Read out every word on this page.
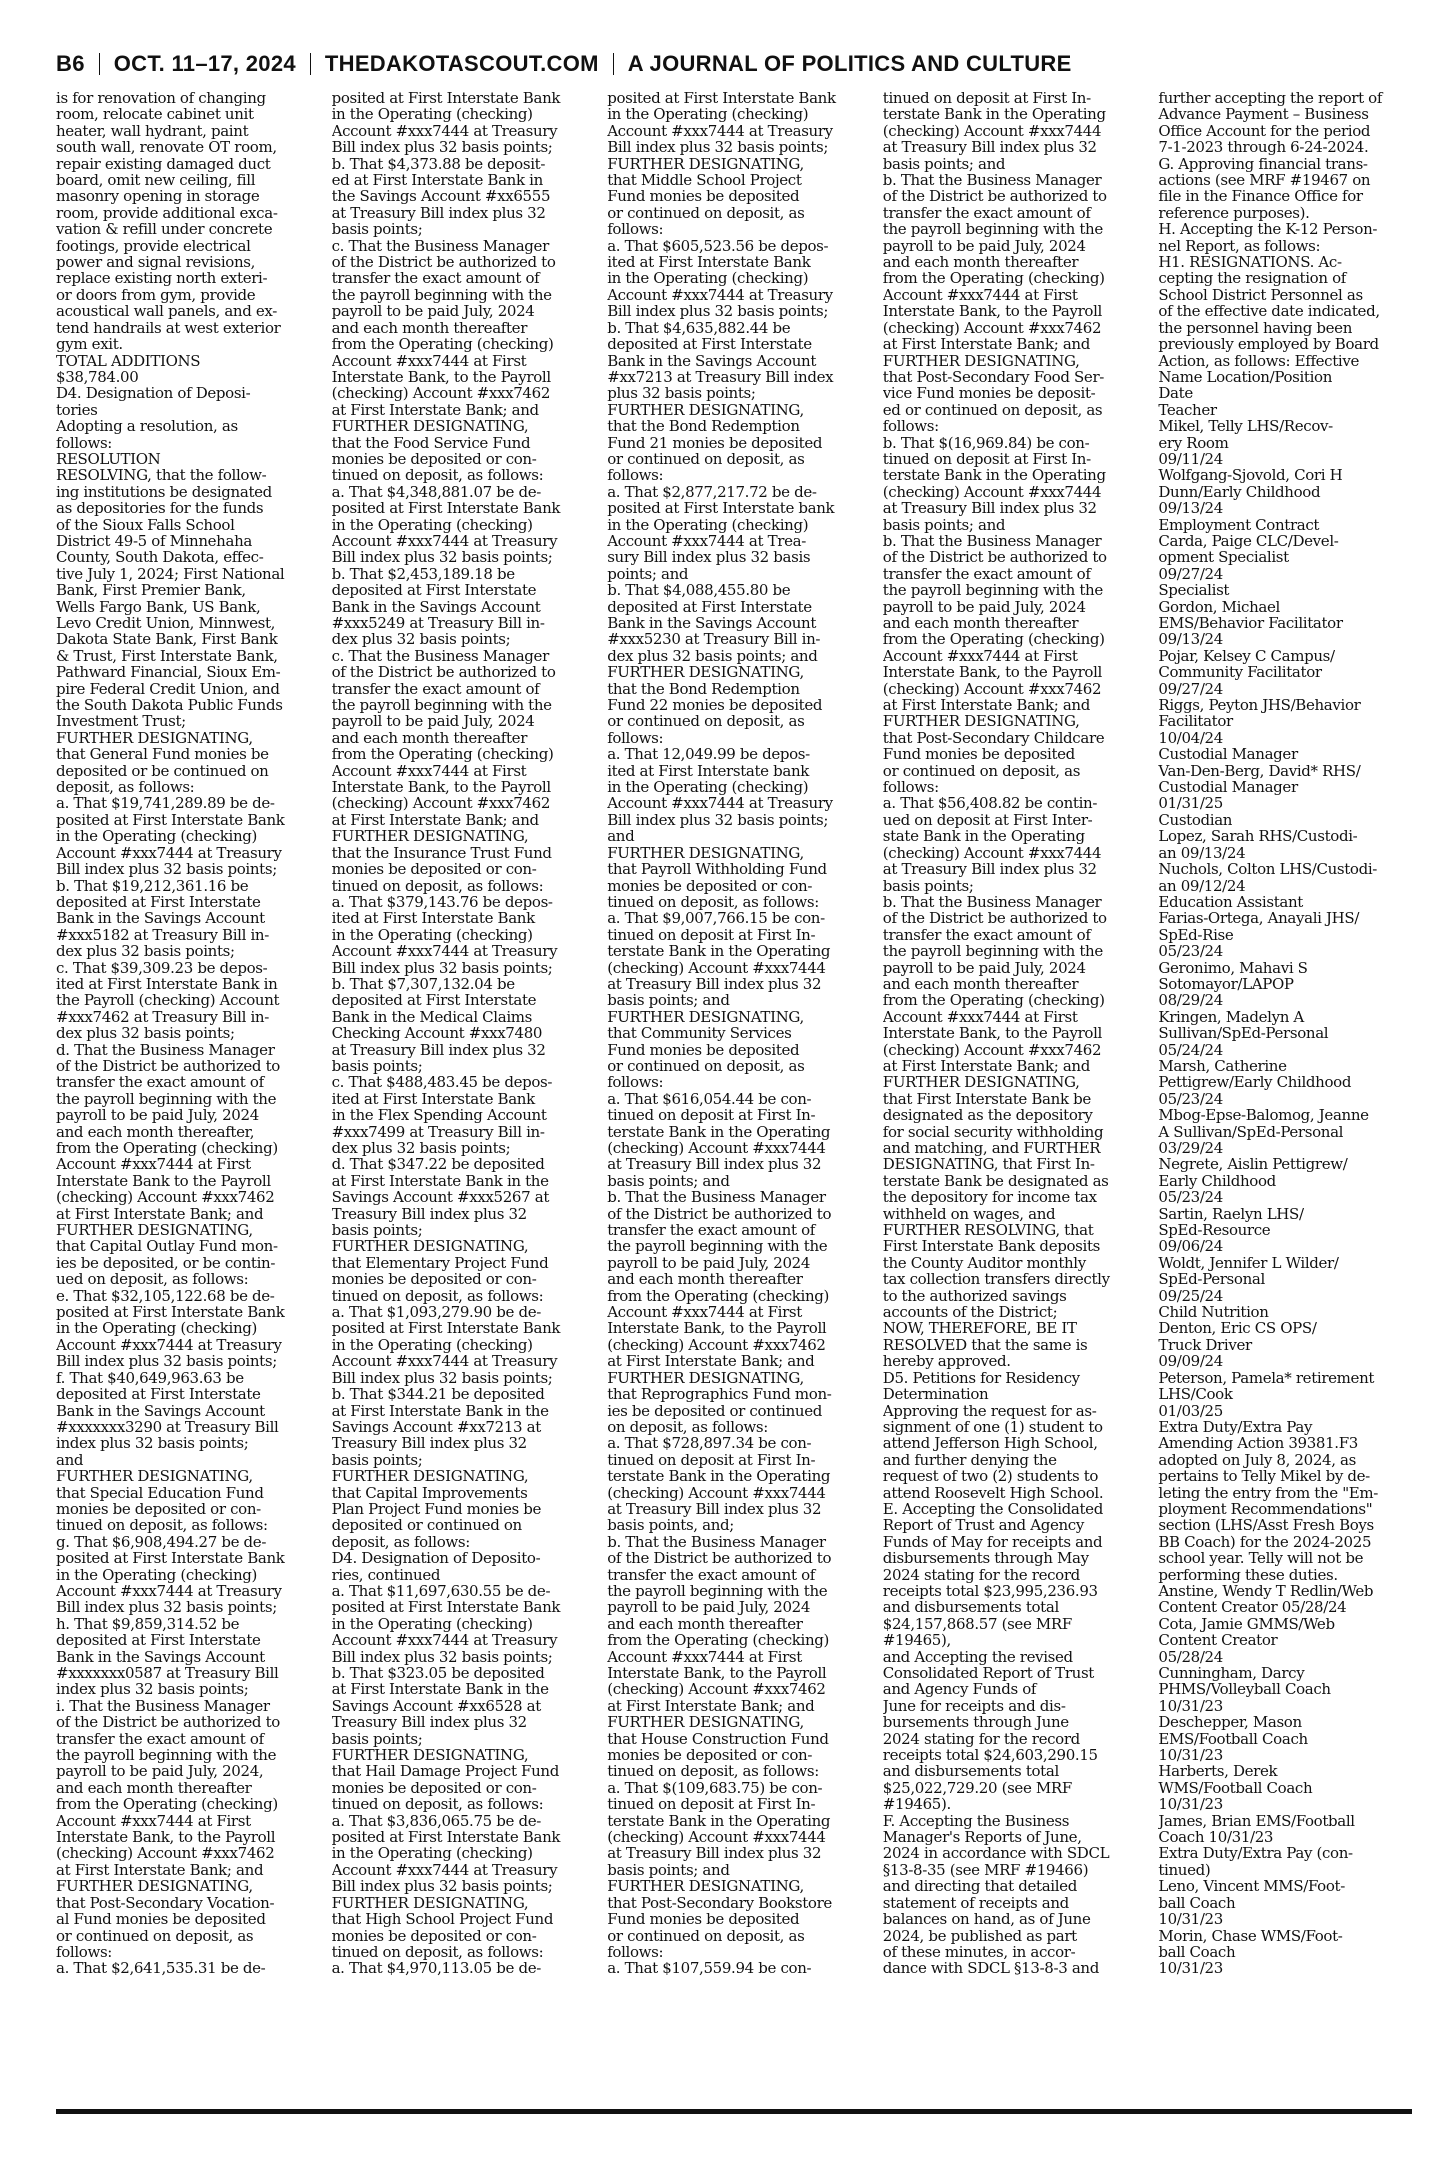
B6 OCT. 11–17, 2024 THEDAKOTASCOUT.COM A JOURNAL OF POLITICS AND CULTURE
is for renovation of changing
room, relocate cabinet unit
heater, wall hydrant, paint
south wall, renovate OT room,
repair existing damaged duct
board, omit new ceiling, fill
masonry opening in storage
room, provide additional exca-
vation & refill under concrete
footings, provide electrical
power and signal revisions,
replace existing north exteri-
or doors from gym, provide
acoustical wall panels, and ex-
tend handrails at west exterior
gym exit.
TOTAL ADDITIONS
$38,784.00
D4. Designation of Deposi-
tories
Adopting a resolution, as
follows:
RESOLUTION
RESOLVING, that the follow-
ing institutions be designated
as depositories for the funds
of the Sioux Falls School
District 49-5 of Minnehaha
County, South Dakota, effec-
tive July 1, 2024; First National
Bank, First Premier Bank,
Wells Fargo Bank, US Bank,
Levo Credit Union, Minnwest,
Dakota State Bank, First Bank
& Trust, First Interstate Bank,
Pathward Financial, Sioux Em-
pire Federal Credit Union, and
the South Dakota Public Funds
Investment Trust;
FURTHER DESIGNATING,
that General Fund monies be
deposited or be continued on
deposit, as follows:
a. That $19,741,289.89 be de-
posited at First Interstate Bank
in the Operating (checking)
Account #xxx7444 at Treasury
Bill index plus 32 basis points;
b. That $19,212,361.16 be
deposited at First Interstate
Bank in the Savings Account
#xxx5182 at Treasury Bill in-
dex plus 32 basis points;
c. That $39,309.23 be depos-
ited at First Interstate Bank in
the Payroll (checking) Account
#xxx7462 at Treasury Bill in-
dex plus 32 basis points;
d. That the Business Manager
of the District be authorized to
transfer the exact amount of
the payroll beginning with the
payroll to be paid July, 2024
and each month thereafter,
from the Operating (checking)
Account #xxx7444 at First
Interstate Bank to the Payroll
(checking) Account #xxx7462
at First Interstate Bank; and
FURTHER DESIGNATING,
that Capital Outlay Fund mon-
ies be deposited, or be contin-
ued on deposit, as follows:
e. That $32,105,122.68 be de-
posited at First Interstate Bank
in the Operating (checking)
Account #xxx7444 at Treasury
Bill index plus 32 basis points;
f. That $40,649,963.63 be
deposited at First Interstate
Bank in the Savings Account
#xxxxxxx3290 at Treasury Bill
index plus 32 basis points;
and
FURTHER DESIGNATING,
that Special Education Fund
monies be deposited or con-
tinued on deposit, as follows:
g. That $6,908,494.27 be de-
posited at First Interstate Bank
in the Operating (checking)
Account #xxx7444 at Treasury
Bill index plus 32 basis points;
h. That $9,859,314.52 be
deposited at First Interstate
Bank in the Savings Account
#xxxxxxx0587 at Treasury Bill
index plus 32 basis points;
i. That the Business Manager
of the District be authorized to
transfer the exact amount of
the payroll beginning with the
payroll to be paid July, 2024,
and each month thereafter
from the Operating (checking)
Account #xxx7444 at First
Interstate Bank, to the Payroll
(checking) Account #xxx7462
at First Interstate Bank; and
FURTHER DESIGNATING,
that Post-Secondary Vocation-
al Fund monies be deposited
or continued on deposit, as
follows:
a. That $2,641,535.31 be de-
posited at First Interstate Bank
in the Operating (checking)
Account #xxx7444 at Treasury
Bill index plus 32 basis points;
b. That $4,373.88 be deposit-
ed at First Interstate Bank in
the Savings Account #xx6555
at Treasury Bill index plus 32
basis points;
c. That the Business Manager
of the District be authorized to
transfer the exact amount of
the payroll beginning with the
payroll to be paid July, 2024
and each month thereafter
from the Operating (checking)
Account #xxx7444 at First
Interstate Bank, to the Payroll
(checking) Account #xxx7462
at First Interstate Bank; and
FURTHER DESIGNATING,
that the Food Service Fund
monies be deposited or con-
tinued on deposit, as follows:
a. That $4,348,881.07 be de-
posited at First Interstate Bank
in the Operating (checking)
Account #xxx7444 at Treasury
Bill index plus 32 basis points;
b. That $2,453,189.18 be
deposited at First Interstate
Bank in the Savings Account
#xxx5249 at Treasury Bill in-
dex plus 32 basis points;
c. That the Business Manager
of the District be authorized to
transfer the exact amount of
the payroll beginning with the
payroll to be paid July, 2024
and each month thereafter
from the Operating (checking)
Account #xxx7444 at First
Interstate Bank, to the Payroll
(checking) Account #xxx7462
at First Interstate Bank; and
FURTHER DESIGNATING,
that the Insurance Trust Fund
monies be deposited or con-
tinued on deposit, as follows:
a. That $379,143.76 be depos-
ited at First Interstate Bank
in the Operating (checking)
Account #xxx7444 at Treasury
Bill index plus 32 basis points;
b. That $7,307,132.04 be
deposited at First Interstate
Bank in the Medical Claims
Checking Account #xxx7480
at Treasury Bill index plus 32
basis points;
c. That $488,483.45 be depos-
ited at First Interstate Bank
in the Flex Spending Account
#xxx7499 at Treasury Bill in-
dex plus 32 basis points;
d. That $347.22 be deposited
at First Interstate Bank in the
Savings Account #xxx5267 at
Treasury Bill index plus 32
basis points;
FURTHER DESIGNATING,
that Elementary Project Fund
monies be deposited or con-
tinued on deposit, as follows:
a. That $1,093,279.90 be de-
posited at First Interstate Bank
in the Operating (checking)
Account #xxx7444 at Treasury
Bill index plus 32 basis points;
b. That $344.21 be deposited
at First Interstate Bank in the
Savings Account #xx7213 at
Treasury Bill index plus 32
basis points;
FURTHER DESIGNATING,
that Capital Improvements
Plan Project Fund monies be
deposited or continued on
deposit, as follows:
D4. Designation of Deposito-
ries, continued
a. That $11,697,630.55 be de-
posited at First Interstate Bank
in the Operating (checking)
Account #xxx7444 at Treasury
Bill index plus 32 basis points;
b. That $323.05 be deposited
at First Interstate Bank in the
Savings Account #xx6528 at
Treasury Bill index plus 32
basis points;
FURTHER DESIGNATING,
that Hail Damage Project Fund
monies be deposited or con-
tinued on deposit, as follows:
a. That $3,836,065.75 be de-
posited at First Interstate Bank
in the Operating (checking)
Account #xxx7444 at Treasury
Bill index plus 32 basis points;
FURTHER DESIGNATING,
that High School Project Fund
monies be deposited or con-
tinued on deposit, as follows:
a. That $4,970,113.05 be de-
posited at First Interstate Bank
in the Operating (checking)
Account #xxx7444 at Treasury
Bill index plus 32 basis points;
FURTHER DESIGNATING,
that Middle School Project
Fund monies be deposited
or continued on deposit, as
follows:
a. That $605,523.56 be depos-
ited at First Interstate Bank
in the Operating (checking)
Account #xxx7444 at Treasury
Bill index plus 32 basis points;
b. That $4,635,882.44 be
deposited at First Interstate
Bank in the Savings Account
#xx7213 at Treasury Bill index
plus 32 basis points;
FURTHER DESIGNATING,
that the Bond Redemption
Fund 21 monies be deposited
or continued on deposit, as
follows:
a. That $2,877,217.72 be de-
posited at First Interstate bank
in the Operating (checking)
Account #xxx7444 at Trea-
sury Bill index plus 32 basis
points; and
b. That $4,088,455.80 be
deposited at First Interstate
Bank in the Savings Account
#xxx5230 at Treasury Bill in-
dex plus 32 basis points; and
FURTHER DESIGNATING,
that the Bond Redemption
Fund 22 monies be deposited
or continued on deposit, as
follows:
a. That 12,049.99 be depos-
ited at First Interstate bank
in the Operating (checking)
Account #xxx7444 at Treasury
Bill index plus 32 basis points;
and
FURTHER DESIGNATING,
that Payroll Withholding Fund
monies be deposited or con-
tinued on deposit, as follows:
a. That $9,007,766.15 be con-
tinued on deposit at First In-
terstate Bank in the Operating
(checking) Account #xxx7444
at Treasury Bill index plus 32
basis points; and
FURTHER DESIGNATING,
that Community Services
Fund monies be deposited
or continued on deposit, as
follows:
a. That $616,054.44 be con-
tinued on deposit at First In-
terstate Bank in the Operating
(checking) Account #xxx7444
at Treasury Bill index plus 32
basis points; and
b. That the Business Manager
of the District be authorized to
transfer the exact amount of
the payroll beginning with the
payroll to be paid July, 2024
and each month thereafter
from the Operating (checking)
Account #xxx7444 at First
Interstate Bank, to the Payroll
(checking) Account #xxx7462
at First Interstate Bank; and
FURTHER DESIGNATING,
that Reprographics Fund mon-
ies be deposited or continued
on deposit, as follows:
a. That $728,897.34 be con-
tinued on deposit at First In-
terstate Bank in the Operating
(checking) Account #xxx7444
at Treasury Bill index plus 32
basis points, and;
b. That the Business Manager
of the District be authorized to
transfer the exact amount of
the payroll beginning with the
payroll to be paid July, 2024
and each month thereafter
from the Operating (checking)
Account #xxx7444 at First
Interstate Bank, to the Payroll
(checking) Account #xxx7462
at First Interstate Bank; and
FURTHER DESIGNATING,
that House Construction Fund
monies be deposited or con-
tinued on deposit, as follows:
a. That $(109,683.75) be con-
tinued on deposit at First In-
terstate Bank in the Operating
(checking) Account #xxx7444
at Treasury Bill index plus 32
basis points; and
FURTHER DESIGNATING,
that Post-Secondary Bookstore
Fund monies be deposited
or continued on deposit, as
follows:
a. That $107,559.94 be con-
tinued on deposit at First In-
terstate Bank in the Operating
(checking) Account #xxx7444
at Treasury Bill index plus 32
basis points; and
b. That the Business Manager
of the District be authorized to
transfer the exact amount of
the payroll beginning with the
payroll to be paid July, 2024
and each month thereafter
from the Operating (checking)
Account #xxx7444 at First
Interstate Bank, to the Payroll
(checking) Account #xxx7462
at First Interstate Bank; and
FURTHER DESIGNATING,
that Post-Secondary Food Ser-
vice Fund monies be deposit-
ed or continued on deposit, as
follows:
b. That $(16,969.84) be con-
tinued on deposit at First In-
terstate Bank in the Operating
(checking) Account #xxx7444
at Treasury Bill index plus 32
basis points; and
b. That the Business Manager
of the District be authorized to
transfer the exact amount of
the payroll beginning with the
payroll to be paid July, 2024
and each month thereafter
from the Operating (checking)
Account #xxx7444 at First
Interstate Bank, to the Payroll
(checking) Account #xxx7462
at First Interstate Bank; and
FURTHER DESIGNATING,
that Post-Secondary Childcare
Fund monies be deposited
or continued on deposit, as
follows:
a. That $56,408.82 be contin-
ued on deposit at First Inter-
state Bank in the Operating
(checking) Account #xxx7444
at Treasury Bill index plus 32
basis points;
b. That the Business Manager
of the District be authorized to
transfer the exact amount of
the payroll beginning with the
payroll to be paid July, 2024
and each month thereafter
from the Operating (checking)
Account #xxx7444 at First
Interstate Bank, to the Payroll
(checking) Account #xxx7462
at First Interstate Bank; and
FURTHER DESIGNATING,
that First Interstate Bank be
designated as the depository
for social security withholding
and matching, and FURTHER
DESIGNATING, that First In-
terstate Bank be designated as
the depository for income tax
withheld on wages, and
FURTHER RESOLVING, that
First Interstate Bank deposits
the County Auditor monthly
tax collection transfers directly
to the authorized savings
accounts of the District;
NOW, THEREFORE, BE IT
RESOLVED that the same is
hereby approved.
D5. Petitions for Residency
Determination
Approving the request for as-
signment of one (1) student to
attend Jefferson High School,
and further denying the
request of two (2) students to
attend Roosevelt High School.
E. Accepting the Consolidated
Report of Trust and Agency
Funds of May for receipts and
disbursements through May
2024 stating for the record
receipts total $23,995,236.93
and disbursements total
$24,157,868.57 (see MRF
#19465),
and Accepting the revised
Consolidated Report of Trust
and Agency Funds of
June for receipts and dis-
bursements through June
2024 stating for the record
receipts total $24,603,290.15
and disbursements total
$25,022,729.20 (see MRF
#19465).
F. Accepting the Business
Manager's Reports of June,
2024 in accordance with SDCL
§13-8-35 (see MRF #19466)
and directing that detailed
statement of receipts and
balances on hand, as of June
2024, be published as part
of these minutes, in accor-
dance with SDCL §13-8-3 and
further accepting the report of
Advance Payment – Business
Office Account for the period
7-1-2023 through 6-24-2024.
G. Approving financial trans-
actions (see MRF #19467 on
file in the Finance Office for
reference purposes).
H. Accepting the K-12 Person-
nel Report, as follows:
H1. RESIGNATIONS. Ac-
cepting the resignation of
School District Personnel as
of the effective date indicated,
the personnel having been
previously employed by Board
Action, as follows: Effective
Name Location/Position
Date
Teacher
Mikel, Telly LHS/Recov-
ery Room
09/11/24
Wolfgang-Sjovold, Cori H
Dunn/Early Childhood
09/13/24
Employment Contract
Carda, Paige CLC/Devel-
opment Specialist
09/27/24
Specialist
Gordon, Michael
EMS/Behavior Facilitator
09/13/24
Pojar, Kelsey C Campus/
Community Facilitator
09/27/24
Riggs, Peyton JHS/Behavior
Facilitator
10/04/24
Custodial Manager
Van-Den-Berg, David* RHS/
Custodial Manager
01/31/25
Custodian
Lopez, Sarah RHS/Custodi-
an 09/13/24
Nuchols, Colton LHS/Custodi-
an 09/12/24
Education Assistant
Farias-Ortega, Anayali JHS/
SpEd-Rise
05/23/24
Geronimo, Mahavi S
Sotomayor/LAPOP
08/29/24
Kringen, Madelyn A
Sullivan/SpEd-Personal
05/24/24
Marsh, Catherine
Pettigrew/Early Childhood
05/23/24
Mbog-Epse-Balomog, Jeanne
A Sullivan/SpEd-Personal
03/29/24
Negrete, Aislin Pettigrew/
Early Childhood
05/23/24
Sartin, Raelyn LHS/
SpEd-Resource
09/06/24
Woldt, Jennifer L Wilder/
SpEd-Personal
09/25/24
Child Nutrition
Denton, Eric CS OPS/
Truck Driver
09/09/24
Peterson, Pamela* retirement
LHS/Cook
01/03/25
Extra Duty/Extra Pay
Amending Action 39381.F3
adopted on July 8, 2024, as
pertains to Telly Mikel by de-
leting the entry from the "Em-
ployment Recommendations"
section (LHS/Asst Fresh Boys
BB Coach) for the 2024-2025
school year. Telly will not be
performing these duties.
Anstine, Wendy T Redlin/Web
Content Creator 05/28/24
Cota, Jamie GMMS/Web
Content Creator
05/28/24
Cunningham, Darcy
PHMS/Volleyball Coach
10/31/23
Deschepper, Mason
EMS/Football Coach
10/31/23
Harberts, Derek
WMS/Football Coach
10/31/23
James, Brian EMS/Football
Coach 10/31/23
Extra Duty/Extra Pay (con-
tinued)
Leno, Vincent MMS/Foot-
ball Coach
10/31/23
Morin, Chase WMS/Foot-
ball Coach
10/31/23
